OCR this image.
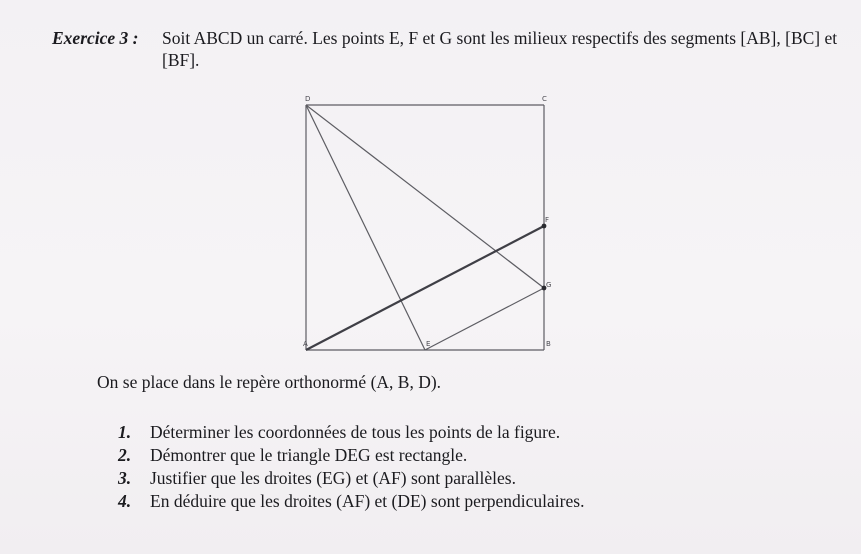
Exercice 3 : Soit ABCD un carré. Les points E, F et G sont les milieux respectifs des segments [AB], [BC] et [BF].
D	C
F
G
A	E	B
On se place dans le repère orthonormé (A, B, D).
1. Déterminer les coordonnées de tous les points de la figure.
2. Démontrer que le triangle DEG est rectangle.
3. Justifier que les droites (EG) et (AF) sont parallèles.
4. En déduire que les droites (AF) et (DE) sont perpendiculaires.
